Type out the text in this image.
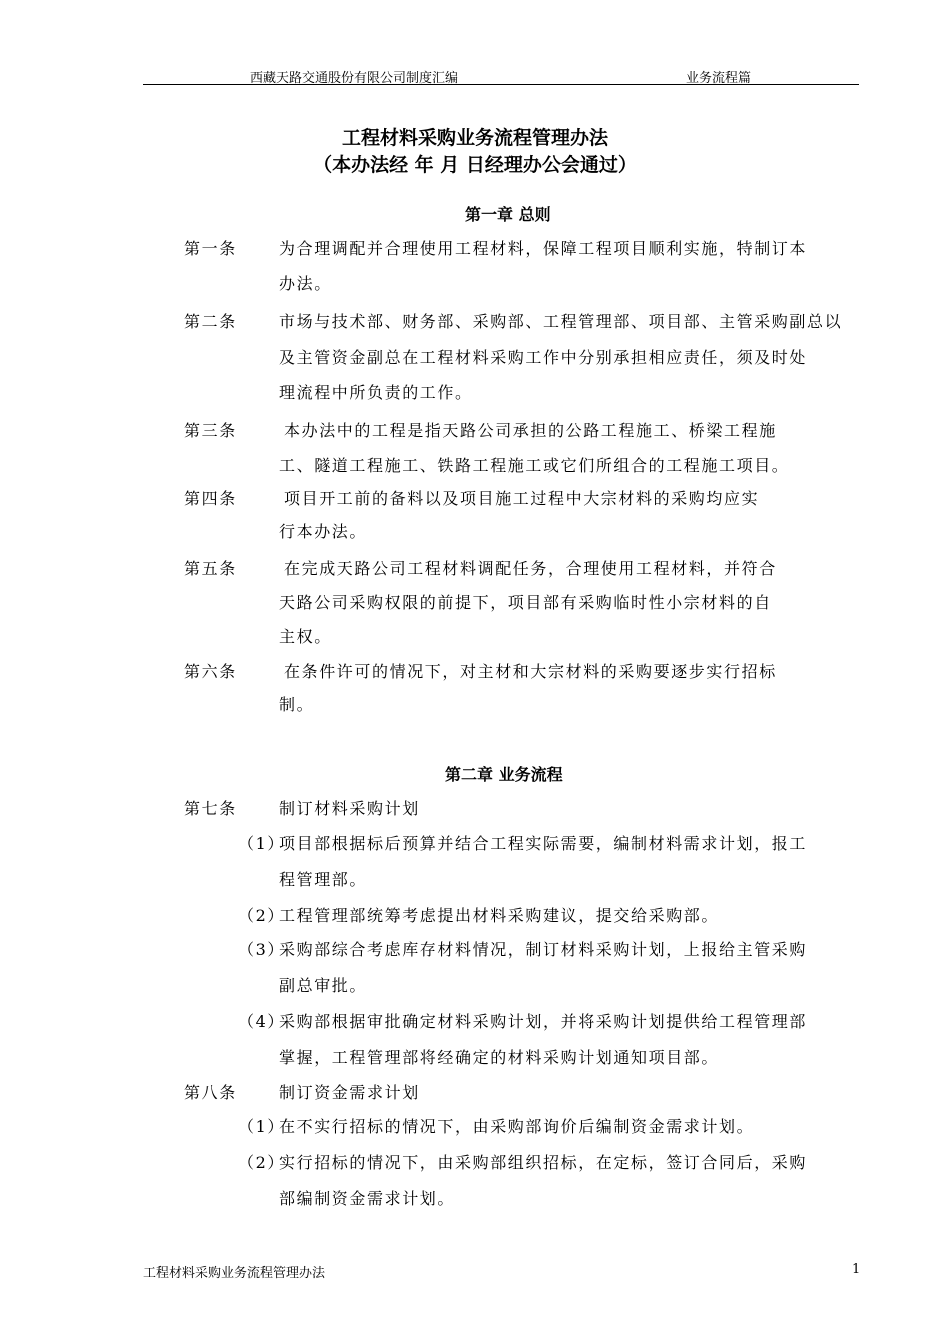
西藏天路交通股份有限公司制度汇编	业务流程篇
工程材料采购业务流程管理办法
（本办法经 年 月 日经理办公会通过）
第一章 总则
第一条	为合理调配并合理使用工程材料，保障工程项目顺利实施，特制订本
办法。
第二条	市场与技术部、财务部、采购部、工程管理部、项目部、主管采购副总以
及主管资金副总在工程材料采购工作中分别承担相应责任，须及时处
理流程中所负责的工作。
第三条	本办法中的工程是指天路公司承担的公路工程施工、桥梁工程施
工、隧道工程施工、铁路工程施工或它们所组合的工程施工项目。
第四条	项目开工前的备料以及项目施工过程中大宗材料的采购均应实
行本办法。
第五条	在完成天路公司工程材料调配任务，合理使用工程材料，并符合
天路公司采购权限的前提下，项目部有采购临时性小宗材料的自
主权。
第六条	在条件许可的情况下，对主材和大宗材料的采购要逐步实行招标
制。
第二章 业务流程
第七条	制订材料采购计划
（1）
项目部根据标后预算并结合工程实际需要，编制材料需求计划，报工
程管理部。
（2）
工程管理部统筹考虑提出材料采购建议，提交给采购部。
（3）
采购部综合考虑库存材料情况，制订材料采购计划，上报给主管采购
副总审批。
（4）
采购部根据审批确定材料采购计划，并将采购计划提供给工程管理部
掌握，工程管理部将经确定的材料采购计划通知项目部。
第八条	制订资金需求计划
（1）
在不实行招标的情况下，由采购部询价后编制资金需求计划。
（2）
实行招标的情况下，由采购部组织招标，在定标，签订合同后，采购
部编制资金需求计划。
工程材料采购业务流程管理办法	1
